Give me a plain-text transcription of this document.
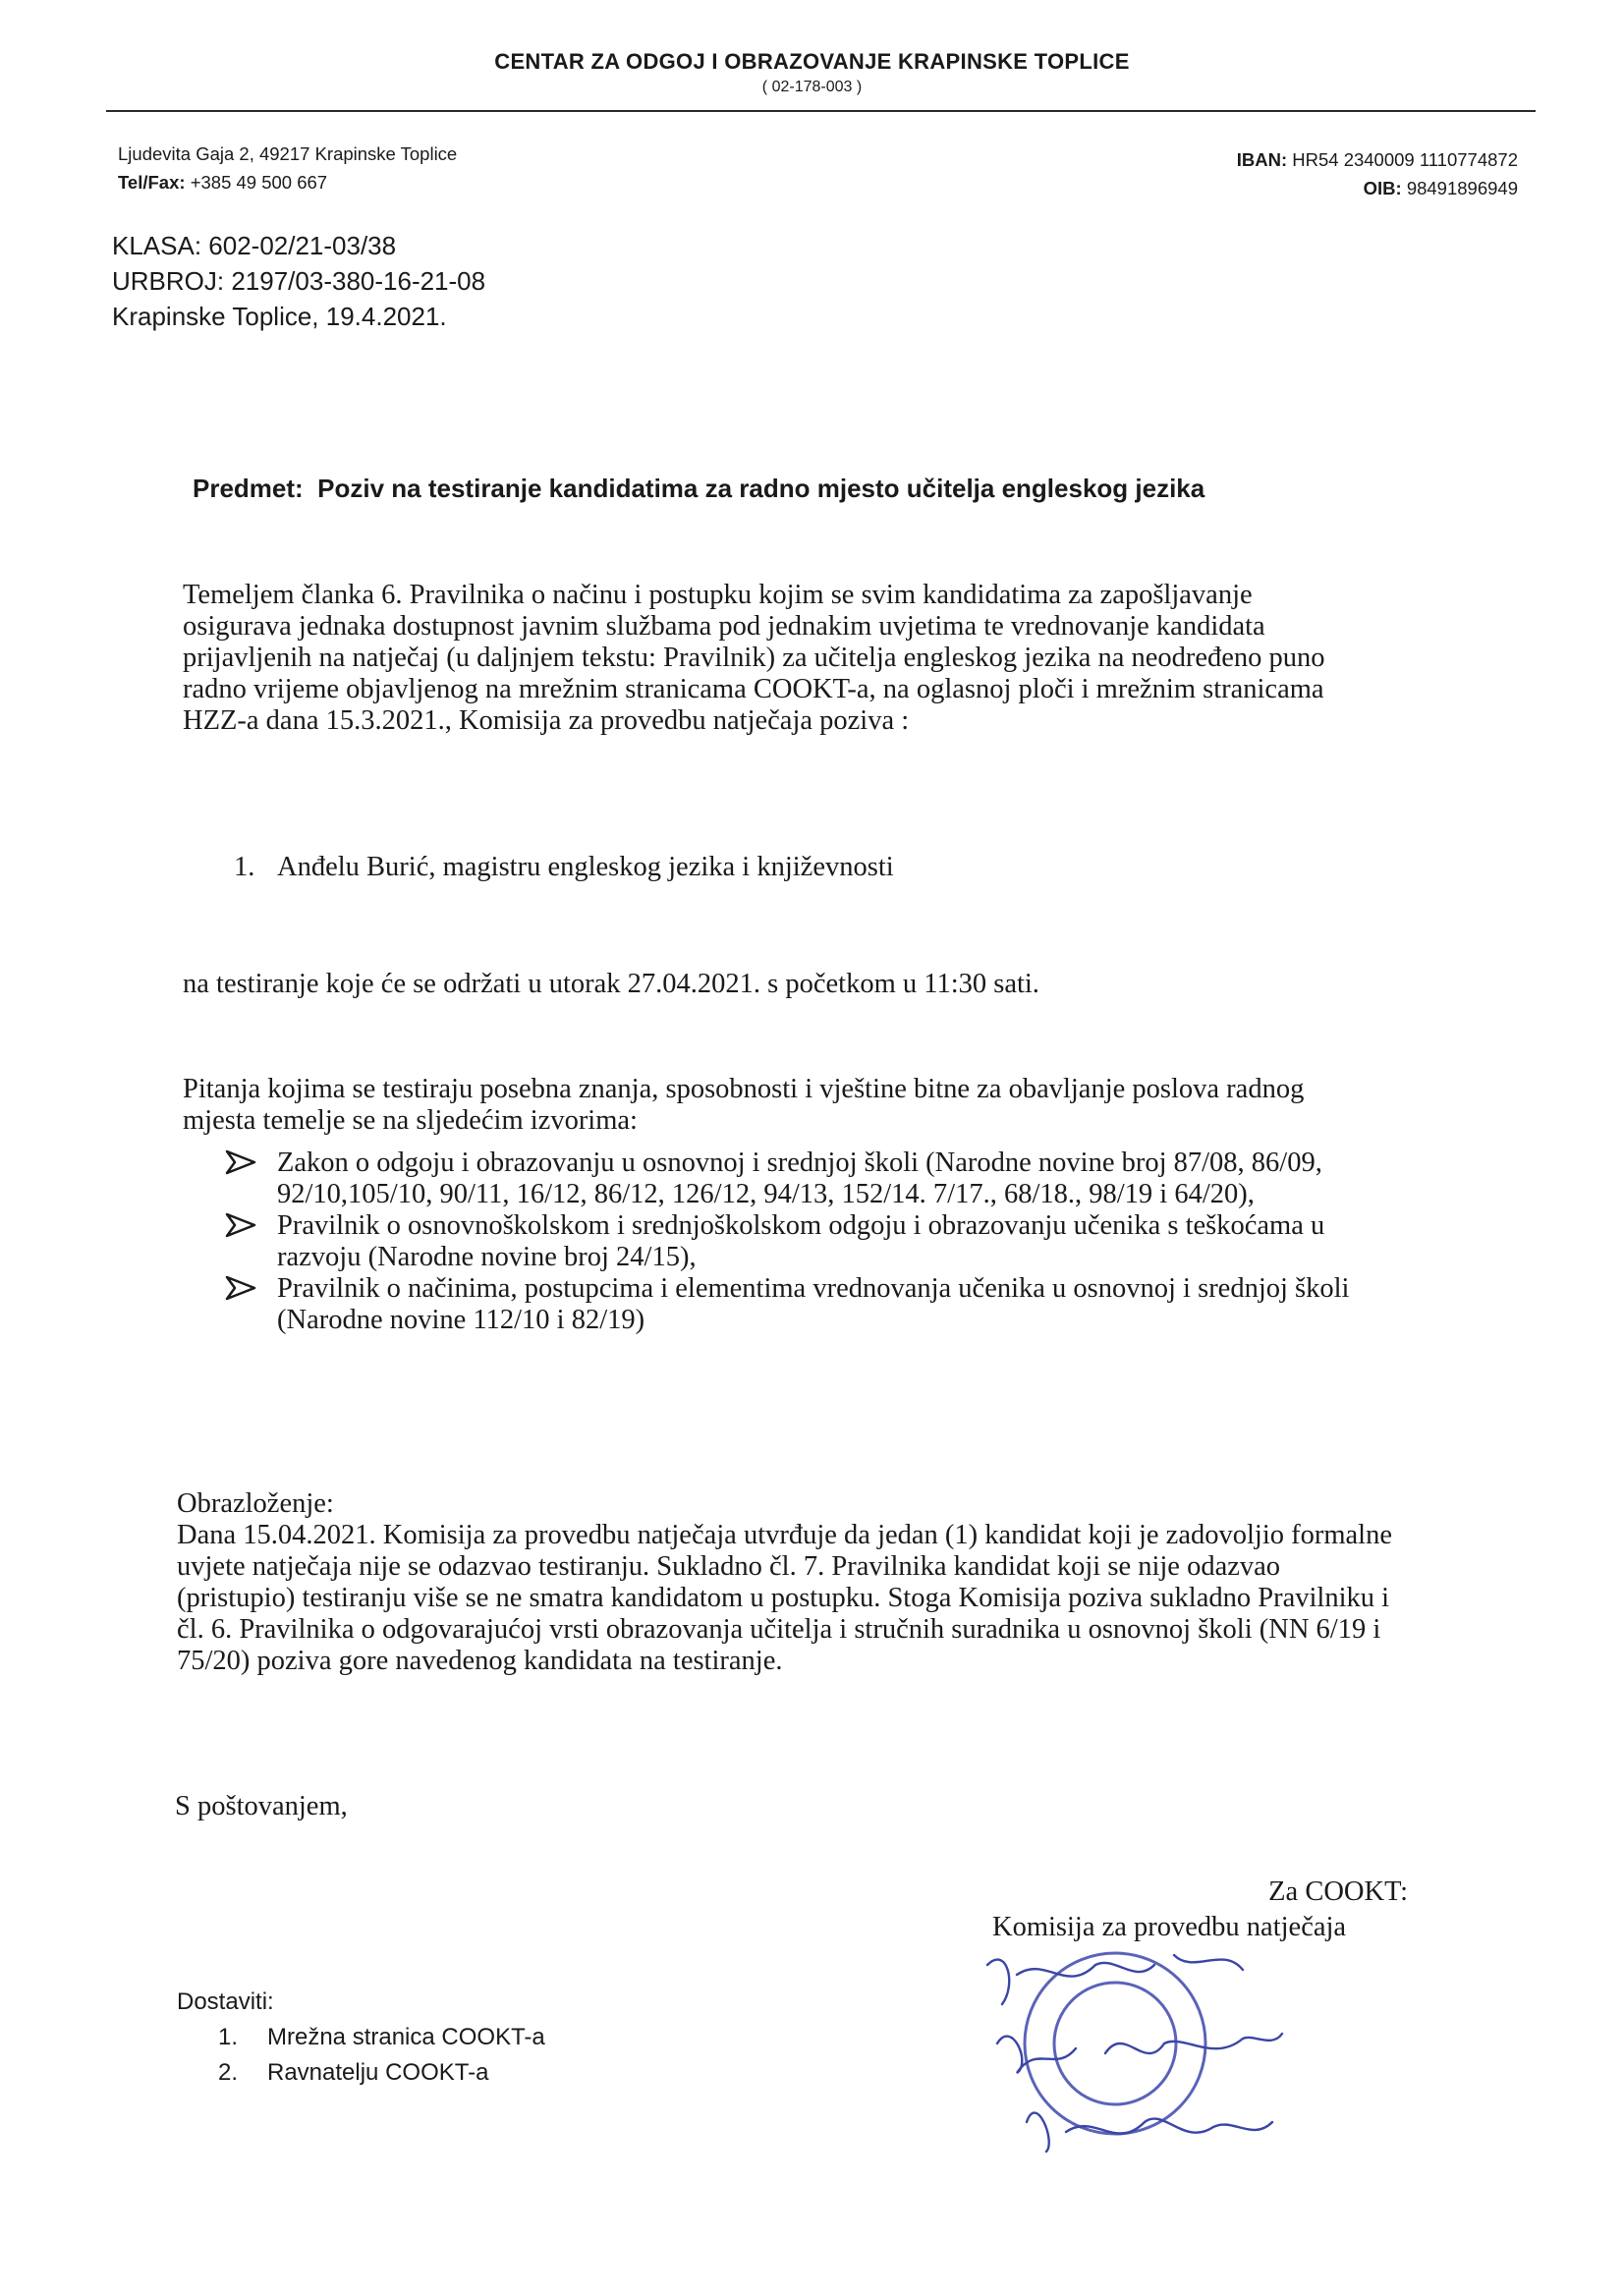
CENTAR ZA ODGOJ I OBRAZOVANJE KRAPINSKE TOPLICE
( 02-178-003 )
Ljudevita Gaja 2, 49217 Krapinske Toplice
Tel/Fax: +385 49 500 667
IBAN: HR54 2340009 1110774872
OIB: 98491896949
KLASA: 602-02/21-03/38
URBROJ: 2197/03-380-16-21-08
Krapinske Toplice, 19.4.2021.
Predmet: Poziv na testiranje kandidatima za radno mjesto učitelja engleskog jezika
Temeljem članka 6. Pravilnika o načinu i postupku kojim se svim kandidatima za zapošljavanje osigurava jednaka dostupnost javnim službama pod jednakim uvjetima te vrednovanje kandidata prijavljenih na natječaj (u daljnjem tekstu: Pravilnik) za učitelja engleskog jezika na neodređeno puno radno vrijeme objavljenog na mrežnim stranicama COOKT-a, na oglasnoj ploči i mrežnim stranicama HZZ-a dana 15.3.2021., Komisija za provedbu natječaja poziva :
1. Anđelu Burić, magistru engleskog jezika i književnosti
na testiranje koje će se održati u utorak 27.04.2021. s početkom u 11:30 sati.
Pitanja kojima se testiraju posebna znanja, sposobnosti i vještine bitne za obavljanje poslova radnog mjesta temelje se na sljedećim izvorima:
Zakon o odgoju i obrazovanju u osnovnoj i srednjoj školi (Narodne novine broj 87/08, 86/09, 92/10,105/10, 90/11, 16/12, 86/12, 126/12, 94/13, 152/14. 7/17., 68/18., 98/19 i 64/20),
Pravilnik o osnovnoškolskom i srednjoškolskom odgoju i obrazovanju učenika s teškoćama u razvoju (Narodne novine broj 24/15),
Pravilnik o načinima, postupcima i elementima vrednovanja učenika u osnovnoj i srednjoj školi (Narodne novine 112/10 i 82/19)
Obrazloženje:
Dana 15.04.2021. Komisija za provedbu natječaja utvrđuje da jedan (1) kandidat koji je zadovoljio formalne uvjete natječaja nije se odazvao testiranju. Sukladno čl. 7. Pravilnika kandidat koji se nije odazvao (pristupio) testiranju više se ne smatra kandidatom u postupku. Stoga Komisija poziva sukladno Pravilniku i čl. 6. Pravilnika o odgovarajućoj vrsti obrazovanja učitelja i stručnih suradnika u osnovnoj školi (NN 6/19 i 75/20) poziva gore navedenog kandidata na testiranje.
S poštovanjem,
Za COOKT:
Komisija za provedbu natječaja
Dostaviti:
1. Mrežna stranica COOKT-a
2. Ravnatelju COOKT-a
